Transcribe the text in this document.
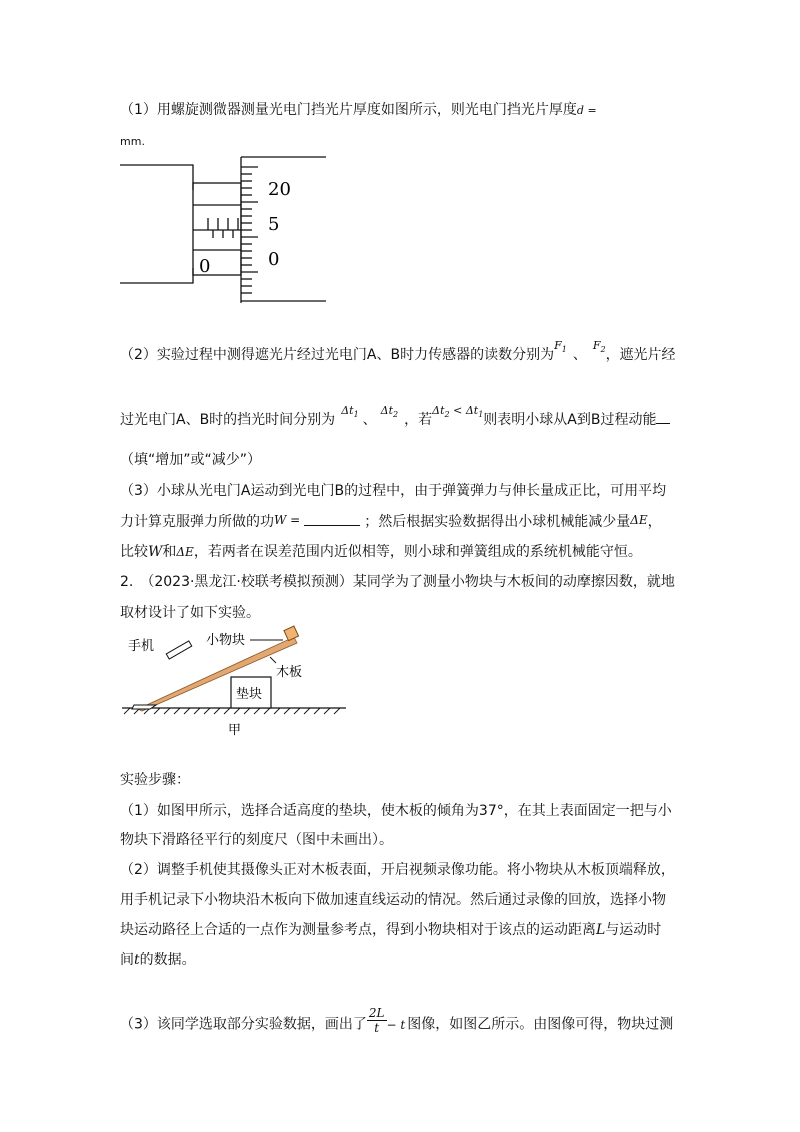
（1）用螺旋测微器测量光电门挡光片厚度如图所示，则光电门挡光片厚度d =
mm.
0
20
5
0
（2）实验过程中测得遮光片经过光电门A、B时力传感器的读数分别为$^{F_1}$ 、$^{F_2}$，遮光片经
过光电门A、B时的挡光时间分别为$^{\Delta t_1}$ 、$^{\Delta t_2}$ ，若$^{\Delta t_2 < \Delta t_1}$则表明小球从A到B过程动能
（填“增加”或“减少”）
（3）小球从光电门A运动到光电门B的过程中，由于弹簧弹力与伸长量成正比，可用平均
力计算克服弹力所做的功W =	；然后根据实验数据得出小球机械能减少量ΔE，
比较W和ΔE，若两者在误差范围内近似相等，则小球和弹簧组成的系统机械能守恒。
2.　（2023·黑龙江·校联考模拟预测）某同学为了测量小物块与木板间的动摩擦因数，就地
取材设计了如下实验。
手机	小物块
木板
垫块
甲
实验步骤：
（1）如图甲所示，选择合适高度的垫块，使木板的倾角为37°，在其上表面固定一把与小
物块下滑路径平行的刻度尺（图中未画出）。
（2）调整手机使其摄像头正对木板表面，开启视频录像功能。将小物块从木板顶端释放，
用手机记录下小物块沿木板向下做加速直线运动的情况。然后通过录像的回放，选择小物
块运动路径上合适的一点作为测量参考点，得到小物块相对于该点的运动距离L与运动时
间t的数据。
（3）该同学选取部分实验数据，画出了 $\frac{2L}{t} - t$ 图像，如图乙所示。由图像可得，物块过测
